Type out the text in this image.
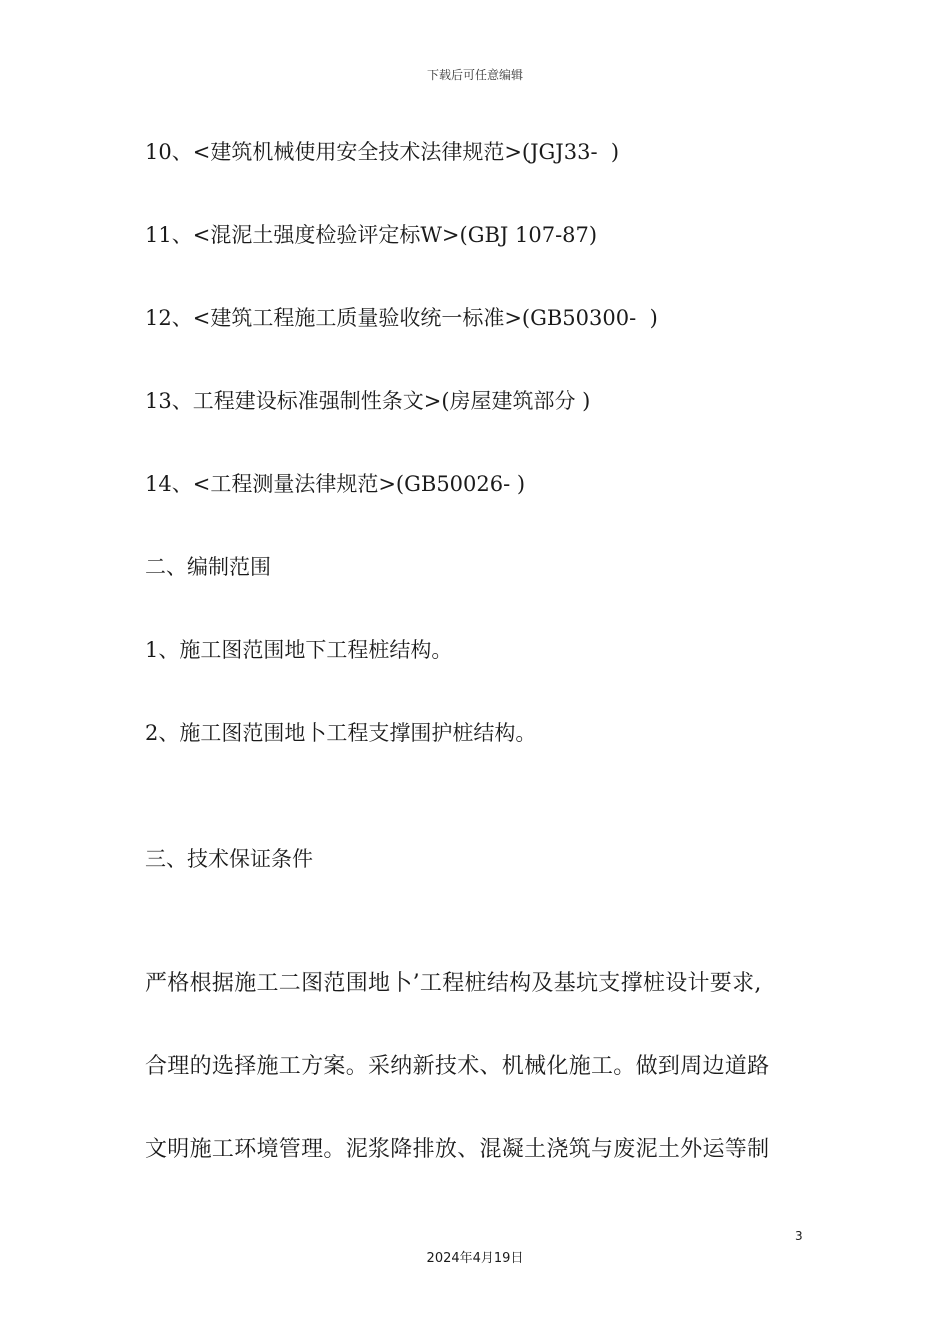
下载后可任意编辑
10、<建筑机械使用安全技术法律规范>(JGJ33-  )
11、<混泥土强度检验评定标W>(GBJ 107-87)
12、<建筑工程施工质量验收统一标准>(GB50300-  )
13、工程建设标准强制性条文>(房屋建筑部分 )
14、<工程测量法律规范>(GB50026- )
二、编制范围
1、施工图范围地下工程桩结构。
2、施工图范围地卜工程支撑围护桩结构。
三、技术保证条件
严格根据施工二图范围地卜’工程桩结构及基坑支撑桩设计要求,
合理的选择施工方案。采纳新技术、机械化施工。做到周边道路
文明施工环境管理。泥浆降排放、混凝土浇筑与废泥土外运等制
3
2024年4月19日
